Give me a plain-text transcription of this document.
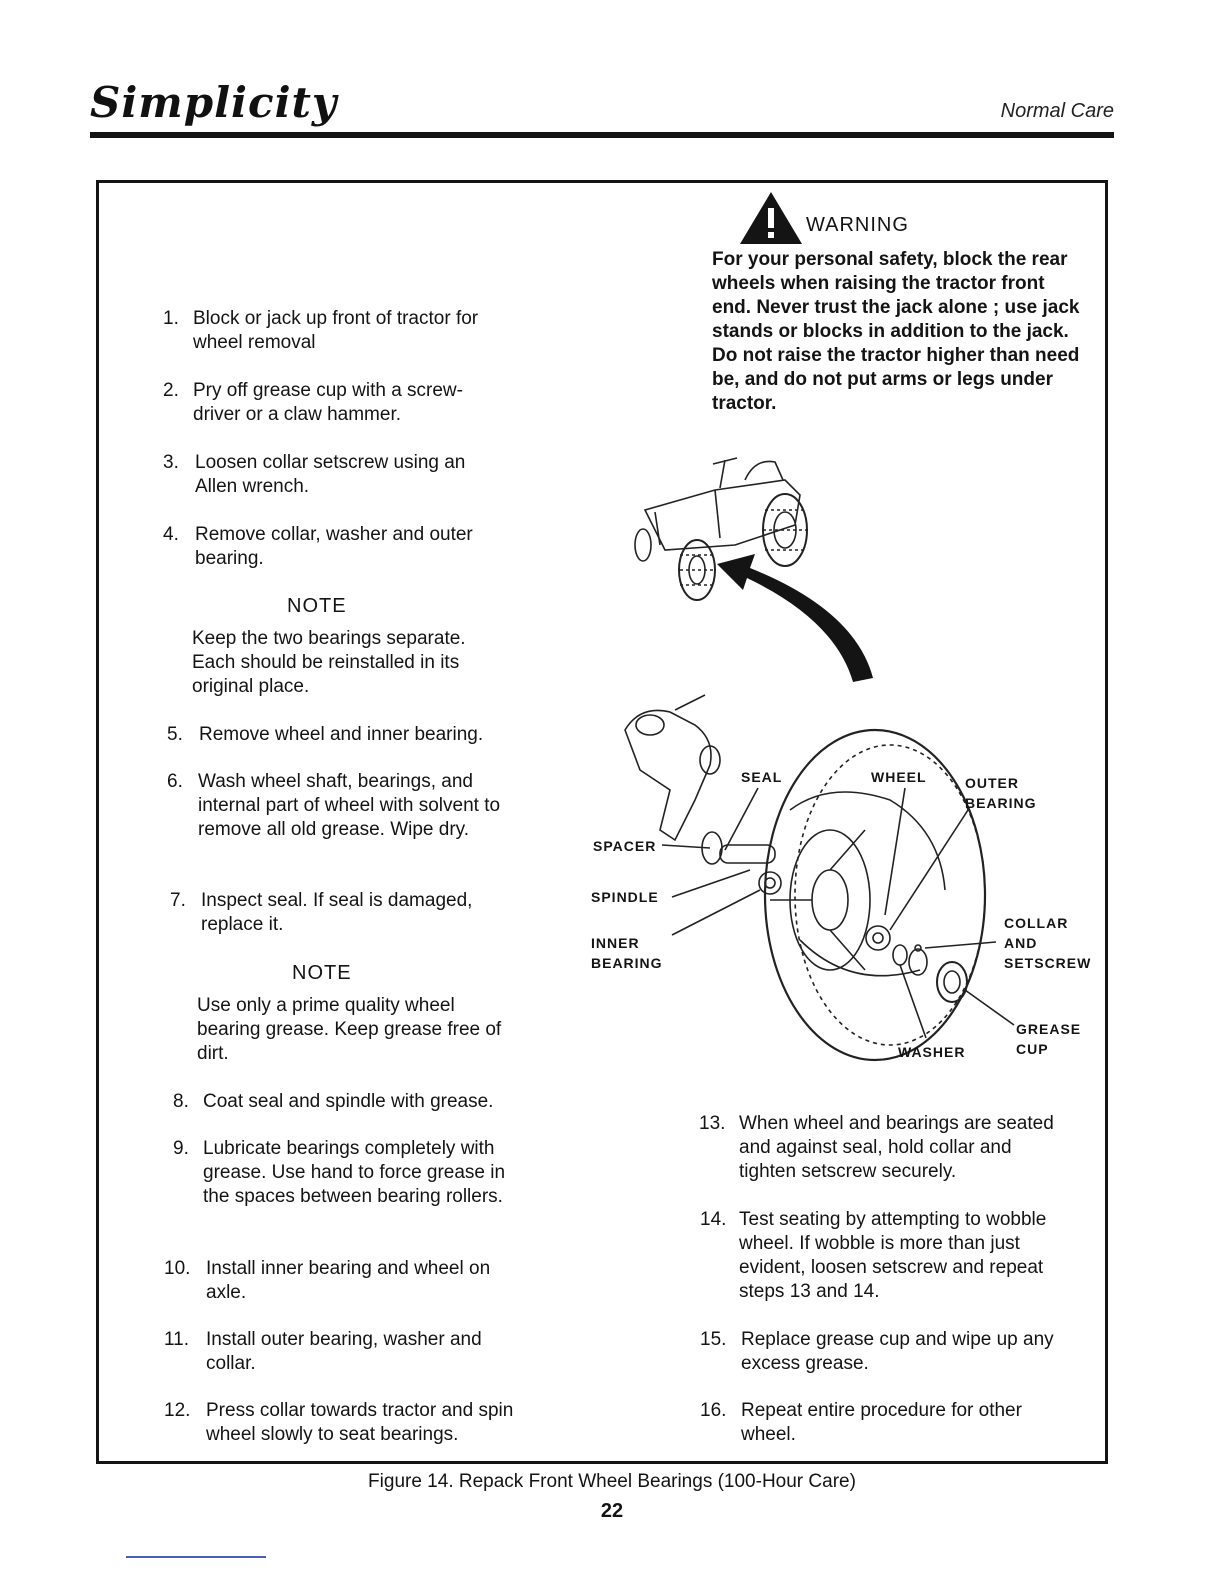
Simplicity	Normal Care
WARNING
For your personal safety, block the rear wheels when raising the tractor front end. Never trust the jack alone ; use jack stands or blocks in addition to the jack. Do not raise the tractor higher than need be, and do not put arms or legs under tractor.
1. Block or jack up front of tractor for wheel removal
2. Pry off grease cup with a screw-driver or a claw hammer.
3. Loosen collar setscrew using an Allen wrench.
4. Remove collar, washer and outer bearing.
NOTE
Keep the two bearings separate. Each should be reinstalled in its original place.
5. Remove wheel and inner bearing.
6. Wash wheel shaft, bearings, and internal part of wheel with solvent to remove all old grease. Wipe dry.
7. Inspect seal. If seal is damaged, replace it.
NOTE
Use only a prime quality wheel bearing grease. Keep grease free of dirt.
8. Coat seal and spindle with grease.
9. Lubricate bearings completely with grease. Use hand to force grease in the spaces between bearing rollers.
10. Install inner bearing and wheel on axle.
11. Install outer bearing, washer and collar.
12. Press collar towards tractor and spin wheel slowly to seat bearings.
13. When wheel and bearings are seated and against seal, hold collar and tighten setscrew securely.
14. Test seating by attempting to wobble wheel. If wobble is more than just evident, loosen setscrew and repeat steps 13 and 14.
15. Replace grease cup and wipe up any excess grease.
16. Repeat entire procedure for other wheel.
SEAL	WHEEL	OUTER BEARING
SPACER
SPINDLE
INNER BEARING
COLLAR AND SETSCREW
GREASE CUP
WASHER
Figure 14. Repack Front Wheel Bearings (100-Hour Care)
22
